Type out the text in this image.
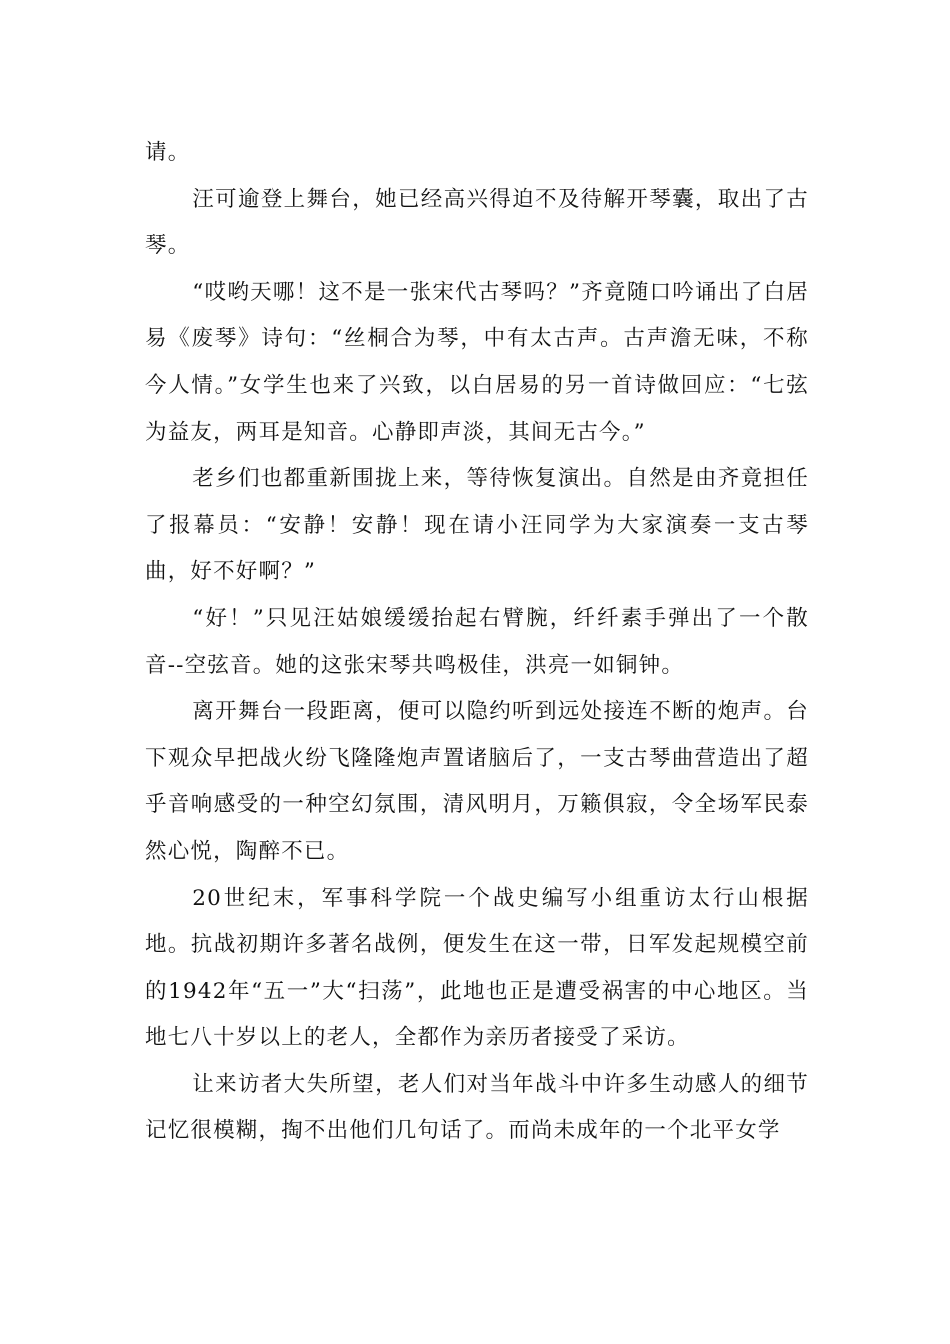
请。

汪可逾登上舞台，她已经高兴得迫不及待解开琴囊，取出了古琴。

“哎哟天哪！这不是一张宋代古琴吗？”齐竟随口吟诵出了白居易《废琴》诗句：“丝桐合为琴，中有太古声。古声澹无味，不称今人情。”女学生也来了兴致，以白居易的另一首诗做回应：“七弦为益友，两耳是知音。心静即声淡，其间无古今。”

老乡们也都重新围拢上来，等待恢复演出。自然是由齐竟担任了报幕员：“安静！安静！现在请小汪同学为大家演奏一支古琴曲，好不好啊？”

“好！”只见汪姑娘缓缓抬起右臂腕，纤纤素手弹出了一个散音--空弦音。她的这张宋琴共鸣极佳，洪亮一如铜钟。

离开舞台一段距离，便可以隐约听到远处接连不断的炮声。台下观众早把战火纷飞隆隆炮声置诸脑后了，一支古琴曲营造出了超乎音响感受的一种空幻氛围，清风明月，万籁俱寂，令全场军民泰然心悦，陶醉不已。

20世纪末，军事科学院一个战史编写小组重访太行山根据地。抗战初期许多著名战例，便发生在这一带，日军发起规模空前的1942年“五一”大“扫荡”，此地也正是遭受祸害的中心地区。当地七八十岁以上的老人，全都作为亲历者接受了采访。

让来访者大失所望，老人们对当年战斗中许多生动感人的细节记忆很模糊，掏不出他们几句话了。而尚未成年的一个北平女学
